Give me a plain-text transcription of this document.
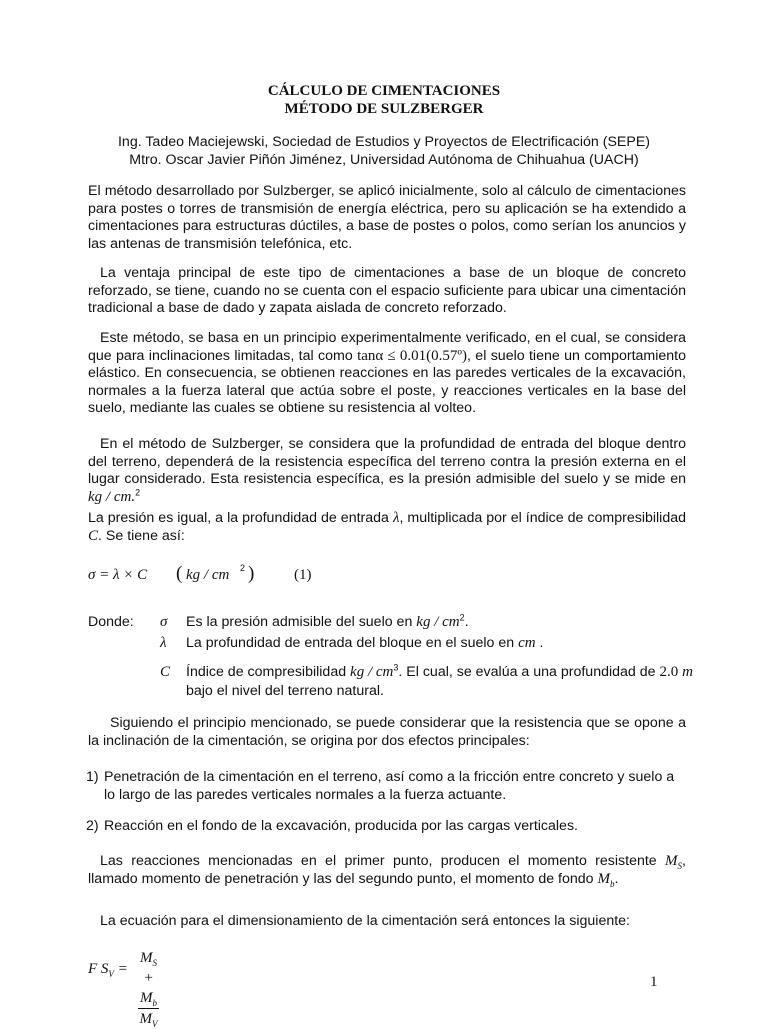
CÁLCULO DE CIMENTACIONES
MÉTODO DE SULZBERGER
Ing. Tadeo Maciejewski, Sociedad de Estudios y Proyectos de Electrificación (SEPE)
Mtro. Oscar Javier Piñón Jiménez, Universidad Autónoma de Chihuahua (UACH)
El método desarrollado por Sulzberger, se aplicó inicialmente, solo al cálculo de cimentaciones para postes o torres de transmisión de energía eléctrica, pero su aplicación se ha extendido a cimentaciones para estructuras dúctiles, a base de postes o polos, como serían los anuncios y las antenas de transmisión telefónica, etc.
La ventaja principal de este tipo de cimentaciones a base de un bloque de concreto reforzado, se tiene, cuando no se cuenta con el espacio suficiente para ubicar una cimentación tradicional a base de dado y zapata aislada de concreto reforzado.
Este método, se basa en un principio experimentalmente verificado, en el cual, se considera que para inclinaciones limitadas, tal como tanα ≤ 0.01(0.57º), el suelo tiene un comportamiento elástico. En consecuencia, se obtienen reacciones en las paredes verticales de la excavación, normales a la fuerza lateral que actúa sobre el poste, y reacciones verticales en la base del suelo, mediante las cuales se obtiene su resistencia al volteo.
En el método de Sulzberger, se considera que la profundidad de entrada del bloque dentro del terreno, dependerá de la resistencia específica del terreno contra la presión externa en el lugar considerado. Esta resistencia específica, es la presión admisible del suelo y se mide en kg / cm.$^2$
La presión es igual, a la profundidad de entrada λ, multiplicada por el índice de compresibilidad C. Se tiene así:
σ = λ × C ( kg / cm 2 )	(1)
Donde: σ Es la presión admisible del suelo en kg / $cm^2$.
λ La profundidad de entrada del bloque en el suelo en cm .
C Índice de compresibilidad kg / $cm^3$. El cual, se evalúa a una profundidad de 2.0 m
bajo el nivel del terreno natural.
Siguiendo el principio mencionado, se puede considerar que la resistencia que se opone a la inclinación de la cimentación, se origina por dos efectos principales:
1) Penetración de la cimentación en el terreno, así como a la fricción entre concreto y suelo a lo largo de las paredes verticales normales a la fuerza actuante.
2) Reacción en el fondo de la excavación, producida por las cargas verticales.
Las reacciones mencionadas en el primer punto, producen el momento resistente $M_S$, llamado momento de penetración y las del segundo punto, el momento de fondo $M_b$.
La ecuación para el dimensionamiento de la cimentación será entonces la siguiente:
F $S_V = \frac{M_S + M_b}{M_V}$	1
